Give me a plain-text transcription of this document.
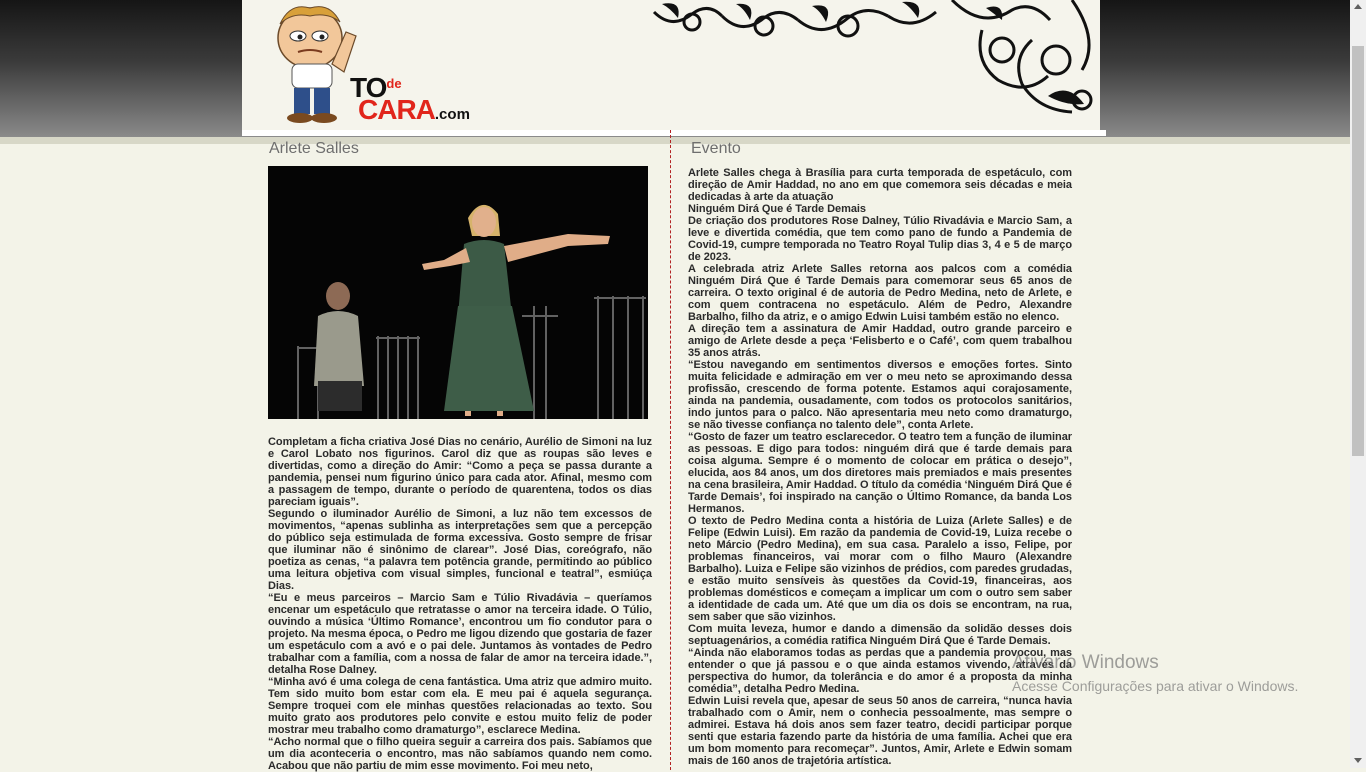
$TO^{de}$
CARA.com
Arlete Salles

Completam a ficha criativa José Dias no cenário, Aurélio de Simoni na luz e Carol Lobato nos figurinos. Carol diz que as roupas são leves e divertidas, como a direção do Amir: “Como a peça se passa durante a pandemia, pensei num figurino único para cada ator. Afinal, mesmo com a passagem de tempo, durante o período de quarentena, todos os dias pareciam iguais”.

Segundo o iluminador Aurélio de Simoni, a luz não tem excessos de movimentos, “apenas sublinha as interpretações sem que a percepção do público seja estimulada de forma excessiva. Gosto sempre de frisar que iluminar não é sinônimo de clarear”. José Dias, coreógrafo, não poetiza as cenas, “a palavra tem potência grande, permitindo ao público uma leitura objetiva com visual simples, funcional e teatral”, esmiúça Dias.

“Eu e meus parceiros – Marcio Sam e Túlio Rivadávia – queríamos encenar um espetáculo que retratasse o amor na terceira idade. O Túlio, ouvindo a música ‘Último Romance’, encontrou um fio condutor para o projeto. Na mesma época, o Pedro me ligou dizendo que gostaria de fazer um espetáculo com a avó e o pai dele. Juntamos às vontades de Pedro trabalhar com a família, com a nossa de falar de amor na terceira idade.”, detalha Rose Dalney.

“Minha avó é uma colega de cena fantástica. Uma atriz que admiro muito. Tem sido muito bom estar com ela. E meu pai é aquela segurança. Sempre troquei com ele minhas questões relacionadas ao texto. Sou muito grato aos produtores pelo convite e estou muito feliz de poder mostrar meu trabalho como dramaturgo”, esclarece Medina.

“Acho normal que o filho queira seguir a carreira dos pais. Sabíamos que um dia aconteceria o encontro, mas não sabíamos quando nem como. Acabou que não partiu de mim esse movimento. Foi meu neto,

Evento

Arlete Salles chega à Brasília para curta temporada de espetáculo, com direção de Amir Haddad, no ano em que comemora seis décadas e meia dedicadas à arte da atuação

Ninguém Dirá Que é Tarde Demais

De criação dos produtores Rose Dalney, Túlio Rivadávia e Marcio Sam, a leve e divertida comédia, que tem como pano de fundo a Pandemia de Covid-19, cumpre temporada no Teatro Royal Tulip dias 3, 4 e 5 de março de 2023.

A celebrada atriz Arlete Salles retorna aos palcos com a comédia Ninguém Dirá Que é Tarde Demais para comemorar seus 65 anos de carreira. O texto original é de autoria de Pedro Medina, neto de Arlete, e com quem contracena no espetáculo. Além de Pedro, Alexandre Barbalho, filho da atriz, e o amigo Edwin Luisi também estão no elenco.

A direção tem a assinatura de Amir Haddad, outro grande parceiro e amigo de Arlete desde a peça ‘Felisberto e o Café’, com quem trabalhou 35 anos atrás.

“Estou navegando em sentimentos diversos e emoções fortes. Sinto muita felicidade e admiração em ver o meu neto se aproximando dessa profissão, crescendo de forma potente. Estamos aqui corajosamente, ainda na pandemia, ousadamente, com todos os protocolos sanitários, indo juntos para o palco. Não apresentaria meu neto como dramaturgo, se não tivesse confiança no talento dele”, conta Arlete.

“Gosto de fazer um teatro esclarecedor. O teatro tem a função de iluminar as pessoas. E digo para todos: ninguém dirá que é tarde demais para coisa alguma. Sempre é o momento de colocar em prática o desejo”, elucida, aos 84 anos, um dos diretores mais premiados e mais presentes na cena brasileira, Amir Haddad. O título da comédia ‘Ninguém Dirá Que é Tarde Demais’, foi inspirado na canção o Último Romance, da banda Los Hermanos.

O texto de Pedro Medina conta a história de Luiza (Arlete Salles) e de Felipe (Edwin Luisi). Em razão da pandemia de Covid-19, Luiza recebe o neto Márcio (Pedro Medina), em sua casa. Paralelo a isso, Felipe, por problemas financeiros, vai morar com o filho Mauro (Alexandre Barbalho). Luiza e Felipe são vizinhos de prédios, com paredes grudadas, e estão muito sensíveis às questões da Covid-19, financeiras, aos problemas domésticos e começam a implicar um com o outro sem saber a identidade de cada um. Até que um dia os dois se encontram, na rua, sem saber que são vizinhos.

Com muita leveza, humor e dando a dimensão da solidão desses dois septuagenários, a comédia ratifica Ninguém Dirá Que é Tarde Demais.

“Ainda não elaboramos todas as perdas que a pandemia provocou, mas entender o que já passou e o que ainda estamos vivendo, através da perspectiva do humor, da tolerância e do amor é a proposta da minha comédia”, detalha Pedro Medina.

Edwin Luisi revela que, apesar de seus 50 anos de carreira, “nunca havia trabalhado com o Amir, nem o conhecia pessoalmente, mas sempre o admirei. Estava há dois anos sem fazer teatro, decidi participar porque senti que estaria fazendo parte da história de uma família. Achei que era um bom momento para recomeçar”. Juntos, Amir, Arlete e Edwin somam mais de 160 anos de trajetória artística.

Ativar o Windows
Acesse Configurações para ativar o Windows.
